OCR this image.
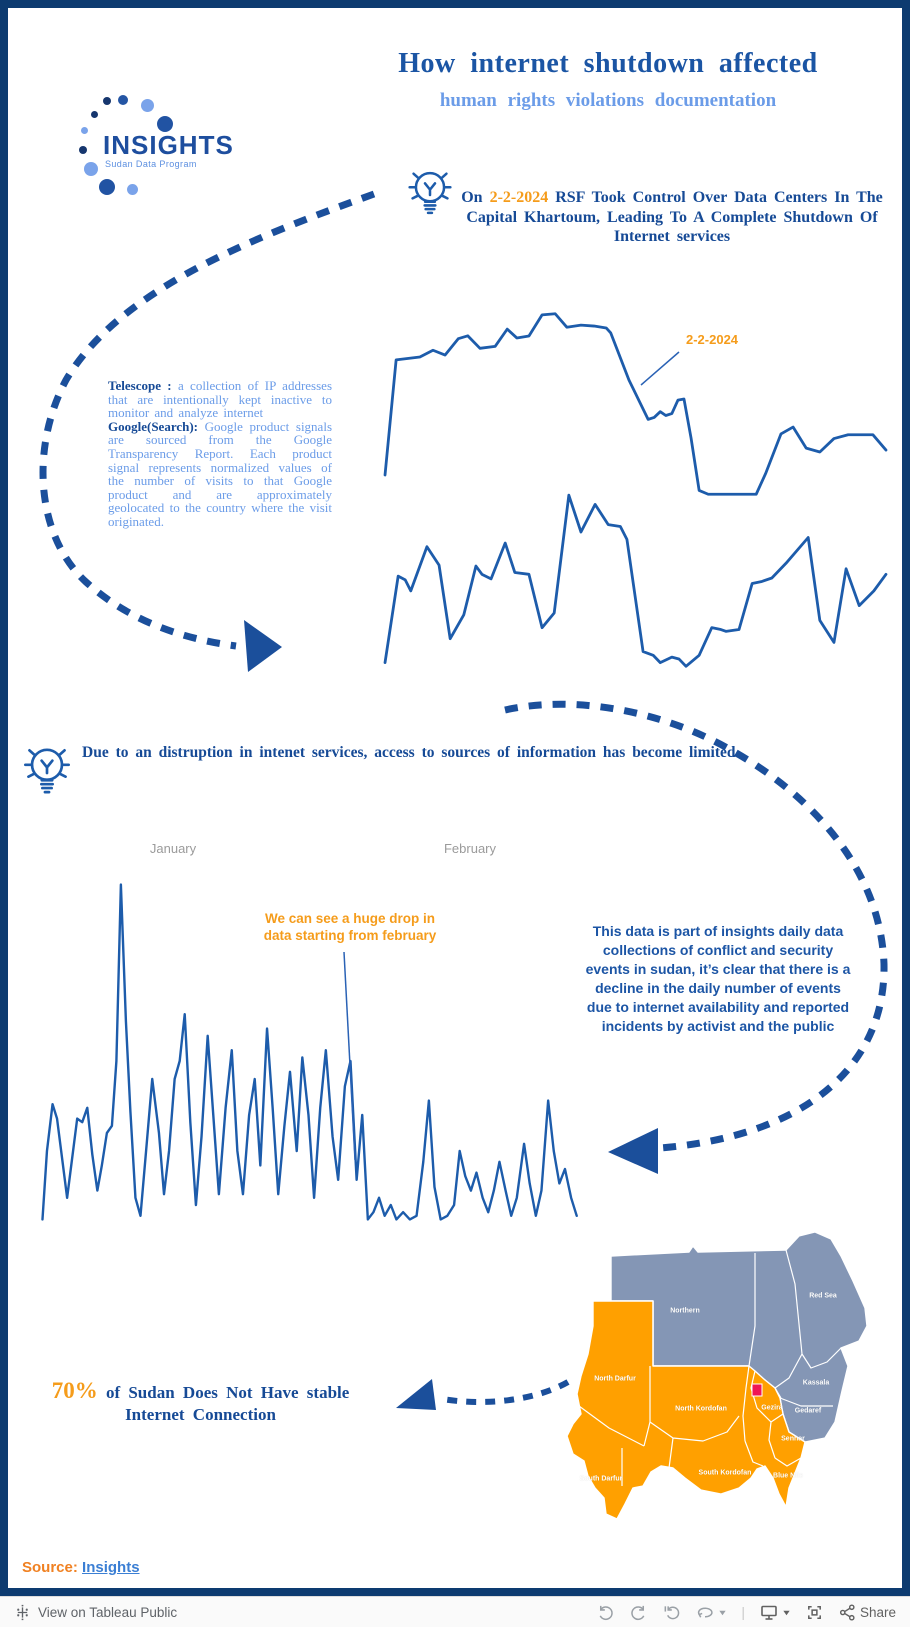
How internet shutdown affected
human rights violations documentation
INSIGHTS
Sudan Data Program
On 2-2-2024 RSF Took Control Over Data Centers In The Capital Khartoum, Leading To A Complete Shutdown Of Internet services
Telescope : a collection of IP addresses that are intentionally kept inactive to monitor and analyze internet
Google(Search): Google product signals are sourced from the Google Transparency Report. Each product signal represents normalized values of the number of visits to that Google product and are approximately geolocated to the country where the visit originated.
2-2-2024
Due to an distruption in intenet services, access to sources of information has become limited
January	February
We can see a huge drop in data starting from february	This data is part of insights daily data collections of conflict and security events in sudan, it’s clear that there is a decline in the daily number of events due to internet availability and reported incidents by activist and the public
70% of Sudan Does Not Have stable Internet Connection
Northern
Red Sea
Kassala
Gedaref
North Darfur
North Kordofan	Gezira
Sennar
South Darfur
South Kordofan	Blue Nile
Source: Insights
View on Tableau Public	|	Share
